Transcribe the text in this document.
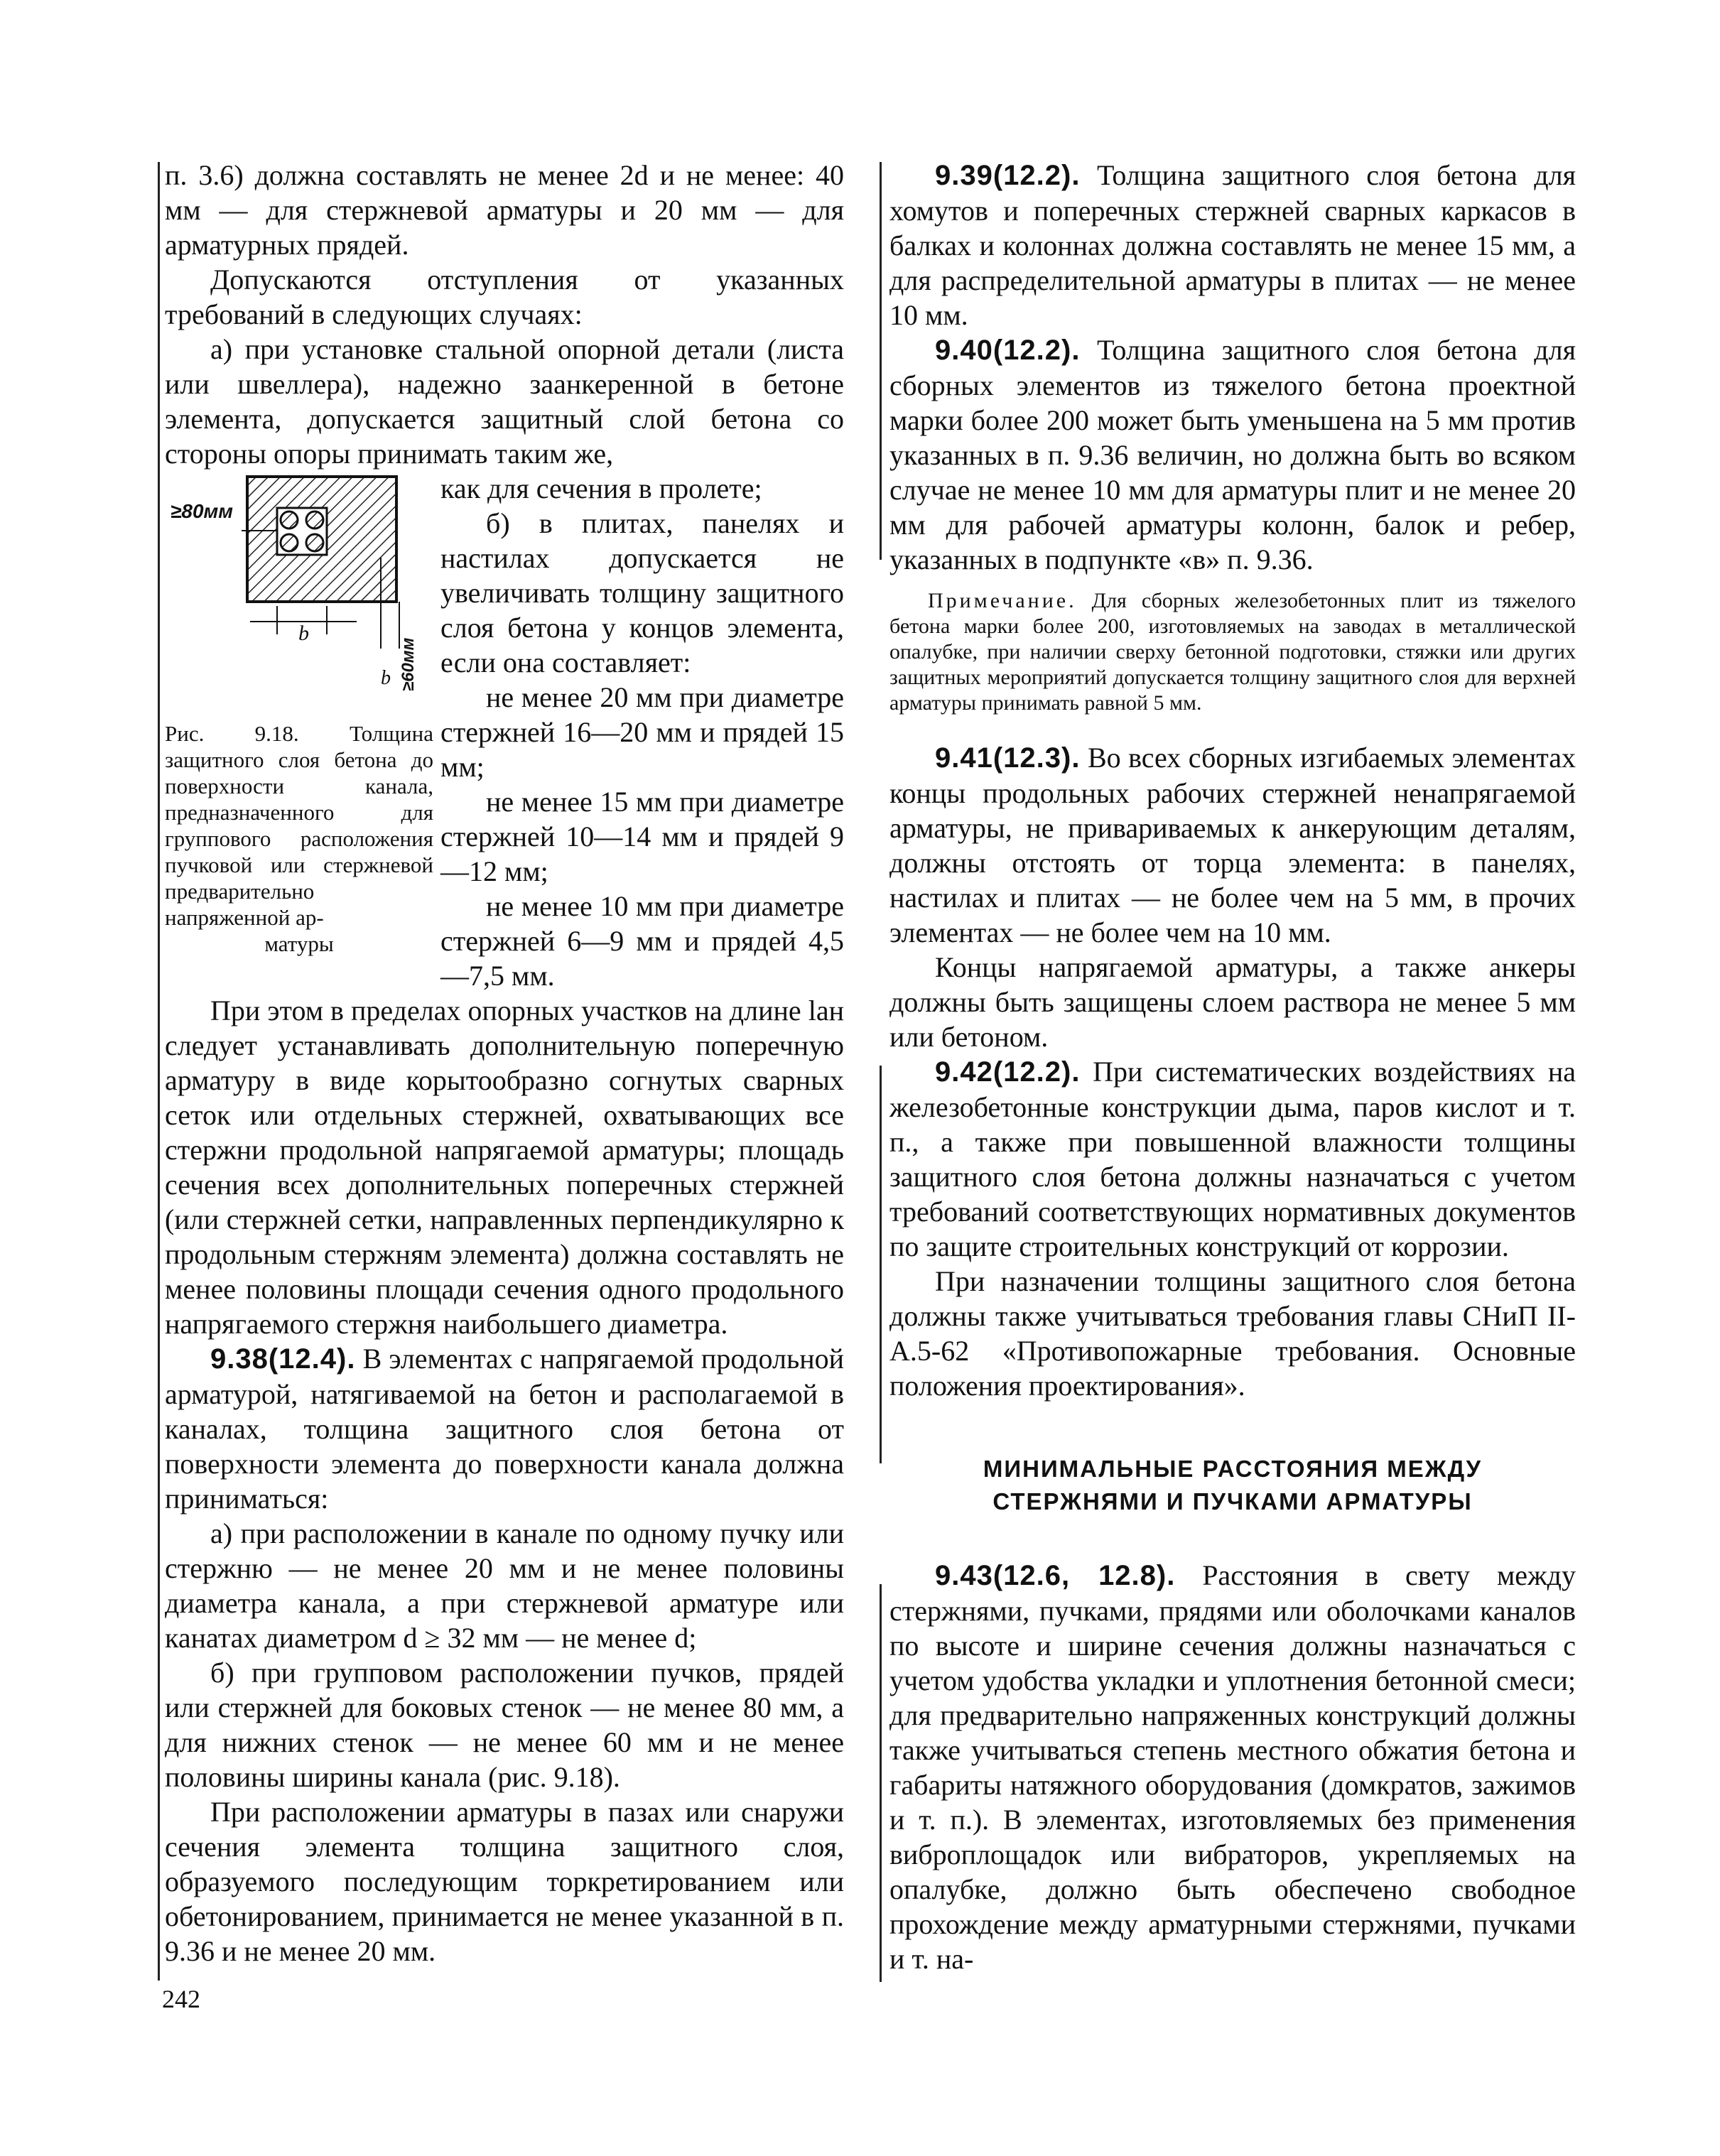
п. 3.6) должна составлять не менее 2d и не менее: 40 мм — для стержневой арматуры и 20 мм — для арматурных прядей.

Допускаются отступления от указанных требований в следующих случаях:

а) при установке стальной опорной детали (листа или швеллера), надежно заанкеренной в бетоне элемента, допускается защитный слой бетона со стороны опоры принимать таким же,

≥80мм
b
b ≥60мм
Рис. 9.18. Толщина защитного слоя бетона до поверхности канала, предназначенного для группового расположения пучковой или стержневой предварительно напряженной ар-
матуры

как для сечения в пролете;

б) в плитах, панелях и настилах допускается не увеличивать толщину защитного слоя бетона у концов элемента, если она составляет:

не менее 20 мм при диаметре стержней 16—20 мм и прядей 15 мм;

не менее 15 мм при диаметре стержней 10—14 мм и прядей 9—12 мм;

не менее 10 мм при диаметре стержней 6—9 мм и прядей 4,5—7,5 мм.

При этом в пределах опорных участков на длине lан следует устанавливать дополнительную поперечную арматуру в виде корытообразно согнутых сварных сеток или отдельных стержней, охватывающих все стержни продольной напрягаемой арматуры; площадь сечения всех дополнительных поперечных стержней (или стержней сетки, направленных перпендикулярно к продольным стержням элемента) должна составлять не менее половины площади сечения одного продольного напрягаемого стержня наибольшего диаметра.

9.38(12.4). В элементах с напрягаемой продольной арматурой, натягиваемой на бетон и располагаемой в каналах, толщина защитного слоя бетона от поверхности элемента до поверхности канала должна приниматься:

а) при расположении в канале по одному пучку или стержню — не менее 20 мм и не менее половины диаметра канала, а при стержневой арматуре или канатах диаметром d ≥ 32 мм — не менее d;

б) при групповом расположении пучков, прядей или стержней для боковых стенок — не менее 80 мм, а для нижних стенок — не менее 60 мм и не менее половины ширины канала (рис. 9.18).

При расположении арматуры в пазах или снаружи сечения элемента толщина защитного слоя, образуемого последующим торкретированием или обетонированием, принимается не менее указанной в п. 9.36 и не менее 20 мм.

9.39(12.2). Толщина защитного слоя бетона для хомутов и поперечных стержней сварных каркасов в балках и колоннах должна составлять не менее 15 мм, а для распределительной арматуры в плитах — не менее 10 мм.

9.40(12.2). Толщина защитного слоя бетона для сборных элементов из тяжелого бетона проектной марки более 200 может быть уменьшена на 5 мм против указанных в п. 9.36 величин, но должна быть во всяком случае не менее 10 мм для арматуры плит и не менее 20 мм для рабочей арматуры колонн, балок и ребер, указанных в подпункте «в» п. 9.36.

Примечание. Для сборных железобетонных плит из тяжелого бетона марки более 200, изготовляемых на заводах в металлической опалубке, при наличии сверху бетонной подготовки, стяжки или других защитных мероприятий допускается толщину защитного слоя для верхней арматуры принимать равной 5 мм.

9.41(12.3). Во всех сборных изгибаемых элементах концы продольных рабочих стержней ненапрягаемой арматуры, не привариваемых к анкерующим деталям, должны отстоять от торца элемента: в панелях, настилах и плитах — не более чем на 5 мм, в прочих элементах — не более чем на 10 мм.

Концы напрягаемой арматуры, а также анкеры должны быть защищены слоем раствора не менее 5 мм или бетоном.

9.42(12.2). При систематических воздействиях на железобетонные конструкции дыма, паров кислот и т. п., а также при повышенной влажности толщины защитного слоя бетона должны назначаться с учетом требований соответствующих нормативных документов по защите строительных конструкций от коррозии.

При назначении толщины защитного слоя бетона должны также учитываться требования главы СНиП II-А.5-62 «Противопожарные требования. Основные положения проектирования».

МИНИМАЛЬНЫЕ РАССТОЯНИЯ МЕЖДУ
СТЕРЖНЯМИ И ПУЧКАМИ АРМАТУРЫ

9.43(12.6, 12.8). Расстояния в свету между стержнями, пучками, прядями или оболочками каналов по высоте и ширине сечения должны назначаться с учетом удобства укладки и уплотнения бетонной смеси; для предварительно напряженных конструкций должны также учитываться степень местного обжатия бетона и габариты натяжного оборудования (домкратов, зажимов и т. п.). В элементах, изготовляемых без применения виброплощадок или вибраторов, укрепляемых на опалубке, должно быть обеспечено свободное прохождение между арматурными стержнями, пучками и т. на-

242
